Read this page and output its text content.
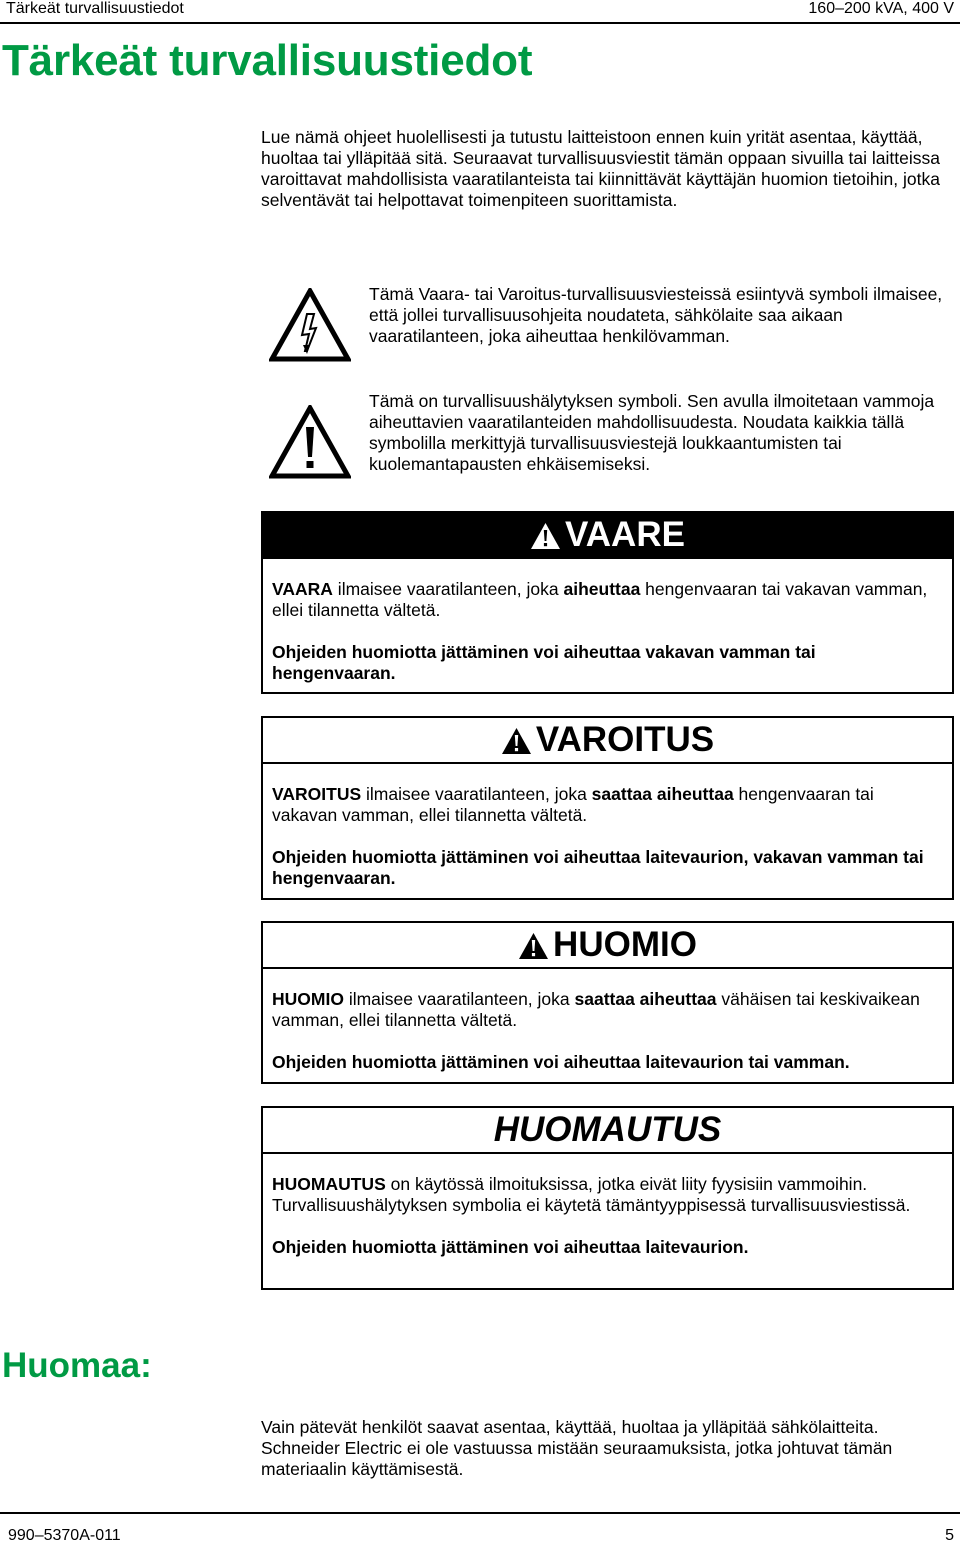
Tärkeät turvallisuustiedot	160–200 kVA, 400 V
Tärkeät turvallisuustiedot
Lue nämä ohjeet huolellisesti ja tutustu laitteistoon ennen kuin yrität asentaa, käyttää, huoltaa tai ylläpitää sitä. Seuraavat turvallisuusviestit tämän oppaan sivuilla tai laitteissa varoittavat mahdollisista vaaratilanteista tai kiinnittävät käyttäjän huomion tietoihin, jotka selventävät tai helpottavat toimenpiteen suorittamista.
Tämä Vaara- tai Varoitus-turvallisuusviesteissä esiintyvä symboli ilmaisee, että jollei turvallisuusohjeita noudateta, sähkölaite saa aikaan vaaratilanteen, joka aiheuttaa henkilövamman.
Tämä on turvallisuushälytyksen symboli. Sen avulla ilmoitetaan vammoja aiheuttavien vaaratilanteiden mahdollisuudesta. Noudata kaikkia tällä symbolilla merkittyjä turvallisuusviestejä loukkaantumisten tai kuolemantapausten ehkäisemiseksi.
VAARE

VAARA ilmaisee vaaratilanteen, joka aiheuttaa hengenvaaran tai vakavan vamman, ellei tilannetta vältetä.

Ohjeiden huomiotta jättäminen voi aiheuttaa vakavan vamman tai hengenvaaran.

VAROITUS

VAROITUS ilmaisee vaaratilanteen, joka saattaa aiheuttaa hengenvaaran tai vakavan vamman, ellei tilannetta vältetä.

Ohjeiden huomiotta jättäminen voi aiheuttaa laitevaurion, vakavan vamman tai hengenvaaran.

HUOMIO

HUOMIO ilmaisee vaaratilanteen, joka saattaa aiheuttaa vähäisen tai keskivaikean vamman, ellei tilannetta vältetä.

Ohjeiden huomiotta jättäminen voi aiheuttaa laitevaurion tai vamman.

HUOMAUTUS

HUOMAUTUS on käytössä ilmoituksissa, jotka eivät liity fyysisiin vammoihin. Turvallisuushälytyksen symbolia ei käytetä tämäntyyppisessä turvallisuusviestissä.

Ohjeiden huomiotta jättäminen voi aiheuttaa laitevaurion.

Huomaa:
Vain pätevät henkilöt saavat asentaa, käyttää, huoltaa ja ylläpitää sähkölaitteita. Schneider Electric ei ole vastuussa mistään seuraamuksista, jotka johtuvat tämän materiaalin käyttämisestä.
990–5370A-011	5
